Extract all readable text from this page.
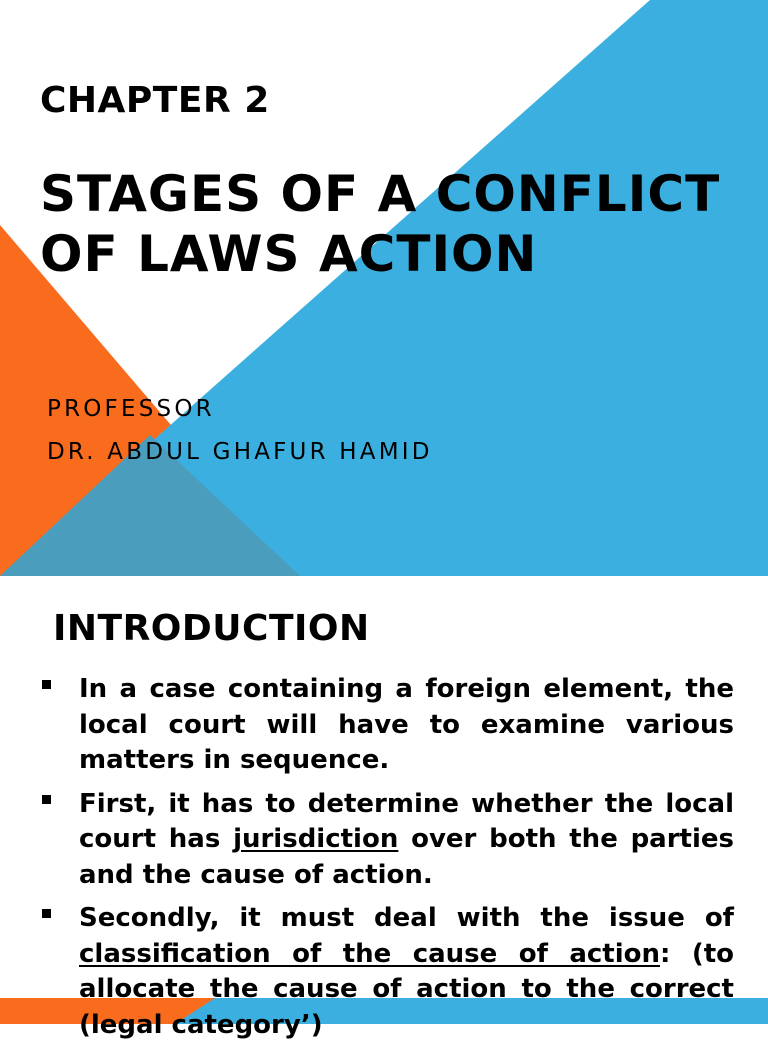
CHAPTER 2
STAGES OF A CONFLICT OF LAWS ACTION
PROFESSOR
DR. ABDUL GHAFUR HAMID
INTRODUCTION
In a case containing a foreign element, the local court will have to examine various matters in sequence.
First, it has to determine whether the local court has jurisdiction over both the parties and the cause of action.
Secondly, it must deal with the issue of classification of the cause of action: (to allocate the cause of action to the correct (legal category’)
